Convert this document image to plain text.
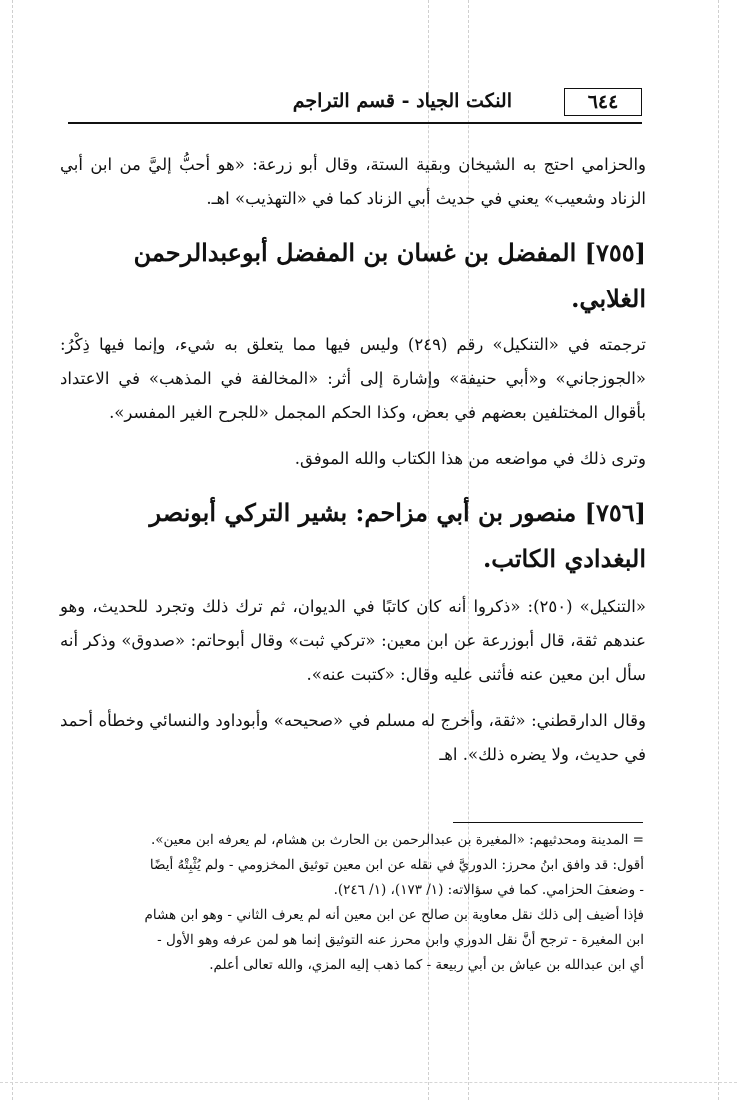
٦٤٤
النكت الجياد - قسم التراجم

والحزامي احتج به الشيخان وبقية الستة، وقال أبو زرعة: «هو أحبُّ إليَّ من ابن أبي الزناد وشعيب» يعني في حديث أبي الزناد كما في «التهذيب» اهـ.

[٧٥٥] المفضل بن غسان بن المفضل أبوعبدالرحمن الغلابي.

ترجمته في «التنكيل» رقم (٢٤٩) وليس فيها مما يتعلق به شيء، وإنما فيها ذِكْرُ: «الجوزجاني» و«أبي حنيفة» وإشارة إلى أثر: «المخالفة في المذهب» في الاعتداد بأقوال المختلفين بعضهم في بعض، وكذا الحكم المجمل «للجرح الغير المفسر».

وترى ذلك في مواضعه من هذا الكتاب والله الموفق.

[٧٥٦] منصور بن أبي مزاحم: بشير التركي أبونصر البغدادي الكاتب.

«التنكيل» (٢٥٠): «ذكروا أنه كان كاتبًا في الديوان، ثم ترك ذلك وتجرد للحديث، وهو عندهم ثقة، قال أبوزرعة عن ابن معين: «تركي ثبت» وقال أبوحاتم: «صدوق» وذكر أنه سأل ابن معين عنه فأثنى عليه وقال: «كتبت عنه».

وقال الدارقطني: «ثقة، وأخرج له مسلم في «صحيحه» وأبوداود والنسائي وخطأه أحمد في حديث، ولا يضره ذلك». اهـ

= المدينة ومحدثيهم: «المغيرة بن عبدالرحمن بن الحارث بن هشام، لم يعرفه ابن معين».

أقول: قد وافق ابنُ محرز: الدوريَّ في نقله عن ابن معين توثيق المخزومي - ولم يُثْبِتْهُ أيضًا

- وضعفَ الحزامي. كما في سؤالاته: (١/ ١٧٣)، (١/ ٢٤٦).

فإذا أضيف إلى ذلك نقل معاوية بن صالح عن ابن معين أنه لم يعرف الثاني - وهو ابن هشام

ابن المغيرة - ترجح أنَّ نقل الدوري وابن محرز عنه التوثيق إنما هو لمن عرفه وهو الأول -

أي ابن عبدالله بن عياش بن أبي ربيعة - كما ذهب إليه المزي، والله تعالى أعلم.
